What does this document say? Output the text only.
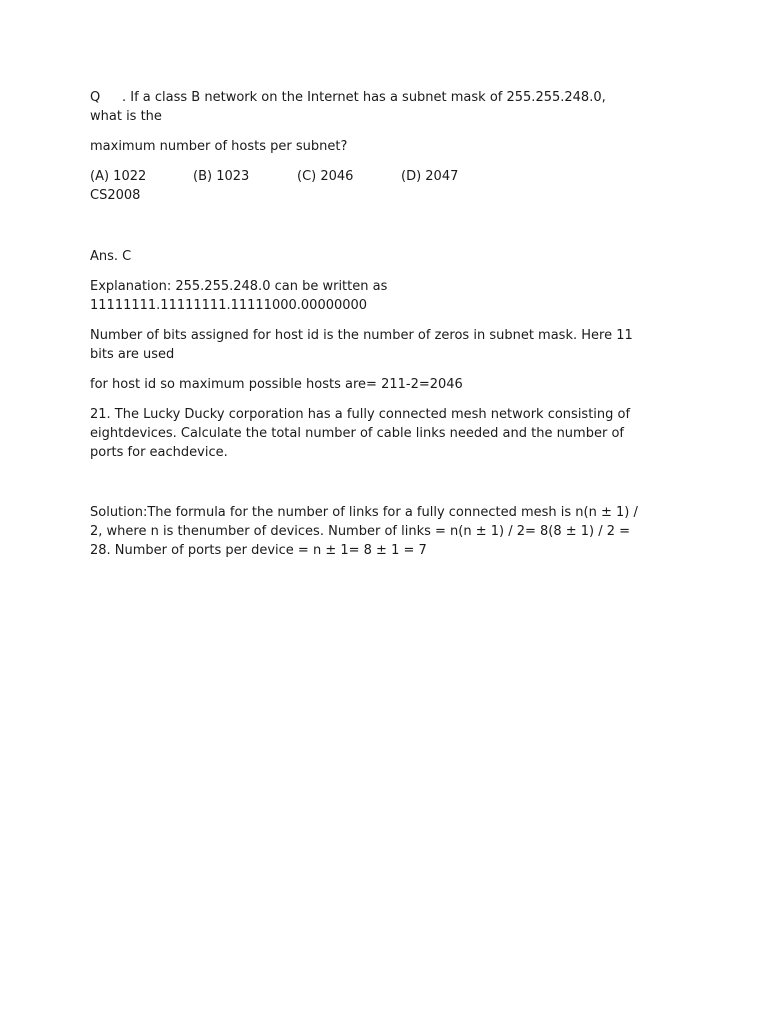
Q . If a class B network on the Internet has a subnet mask of 255.255.248.0,

what is the

maximum number of hosts per subnet?

(A) 1022	(B) 1023	(C) 2046	(D) 2047

CS2008

Ans. C

Explanation: 255.255.248.0 can be written as

11111111.11111111.11111000.00000000

Number of bits assigned for host id is the number of zeros in subnet mask. Here 11

bits are used

for host id so maximum possible hosts are= 211-2=2046

21. The Lucky Ducky corporation has a fully connected mesh network consisting of

eightdevices. Calculate the total number of cable links needed and the number of

ports for eachdevice.

Solution:The formula for the number of links for a fully connected mesh is n(n ± 1) /

2, where n is thenumber of devices. Number of links = n(n ± 1) / 2= 8(8 ± 1) / 2 =

28. Number of ports per device = n ± 1= 8 ± 1 = 7
